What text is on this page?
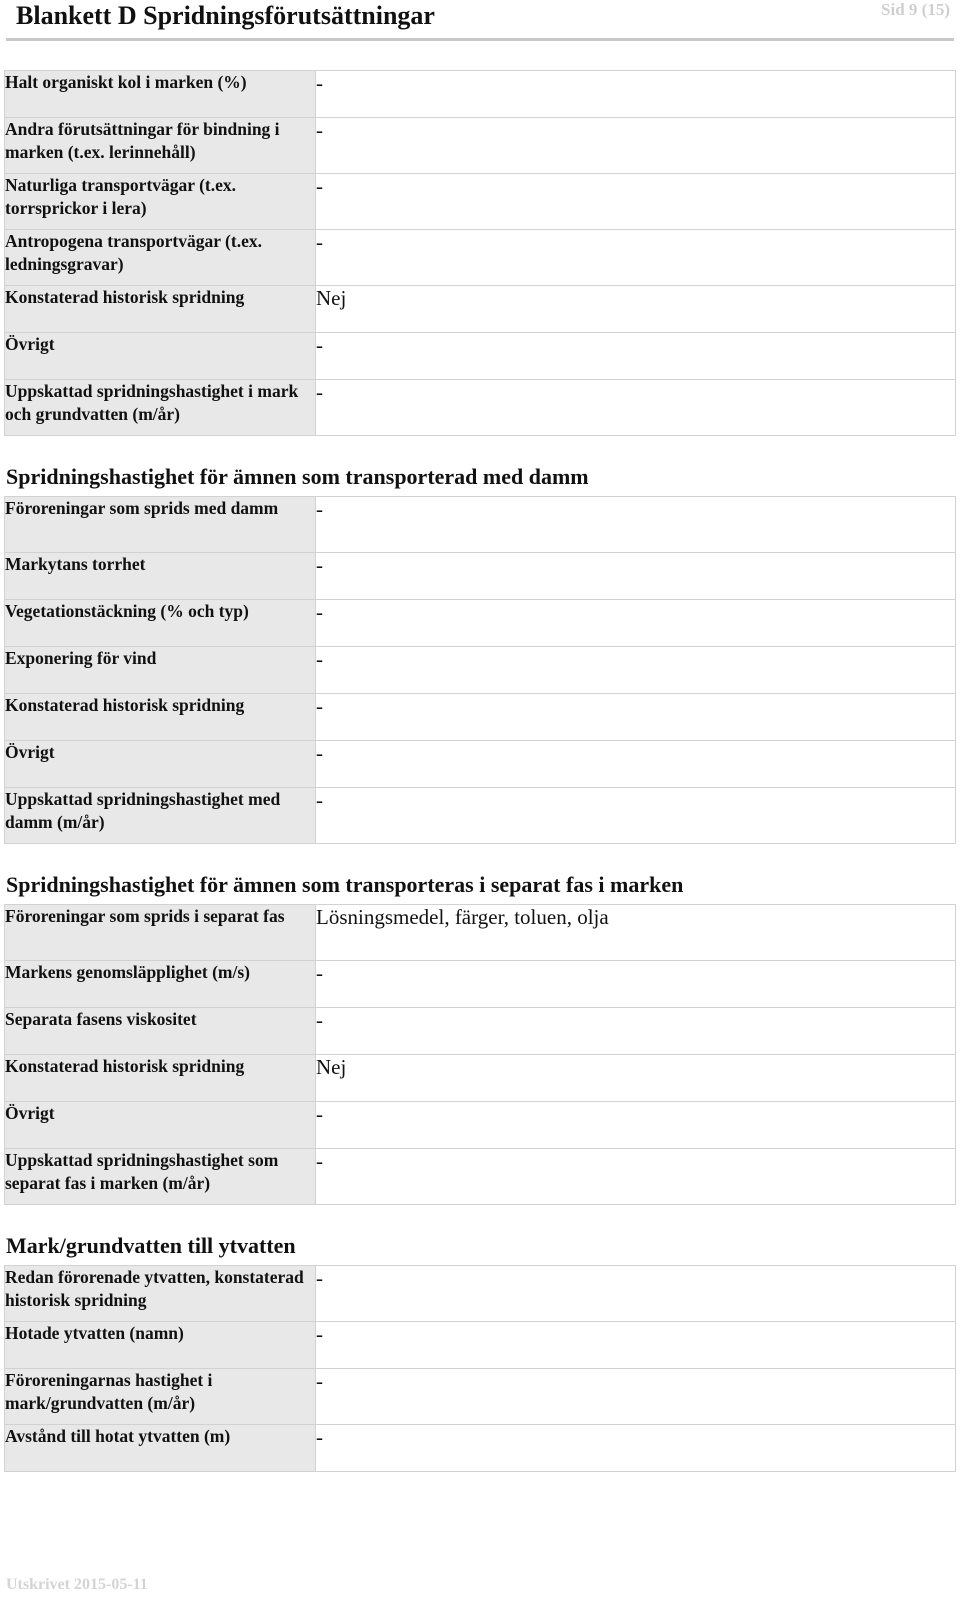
Blankett D Spridningsförutsättningar	Sid 9 (15)
Halt organiskt kol i marken (%)	-
Andra förutsättningar för bindning i marken (t.ex. lerinnehåll)	-
Naturliga transportvägar (t.ex. torrsprickor i lera)	-
Antropogena transportvägar (t.ex. ledningsgravar)	-
Konstaterad historisk spridning	Nej
Övrigt	-
Uppskattad spridningshastighet i mark och grundvatten (m/år)	-
Spridningshastighet för ämnen som transporterad med damm
Föroreningar som sprids med damm	-
Markytans torrhet	-
Vegetationstäckning (% och typ)	-
Exponering för vind	-
Konstaterad historisk spridning	-
Övrigt	-
Uppskattad spridningshastighet med damm (m/år)	-
Spridningshastighet för ämnen som transporteras i separat fas i marken
Föroreningar som sprids i separat fas	Lösningsmedel, färger, toluen, olja
Markens genomsläpplighet (m/s)	-
Separata fasens viskositet	-
Konstaterad historisk spridning	Nej
Övrigt	-
Uppskattad spridningshastighet som separat fas i marken (m/år)	-
Mark/grundvatten till ytvatten
Redan förorenade ytvatten, konstaterad historisk spridning	-
Hotade ytvatten (namn)	-
Föroreningarnas hastighet i mark/grundvatten (m/år)	-
Avstånd till hotat ytvatten (m)	-
Utskrivet 2015-05-11
